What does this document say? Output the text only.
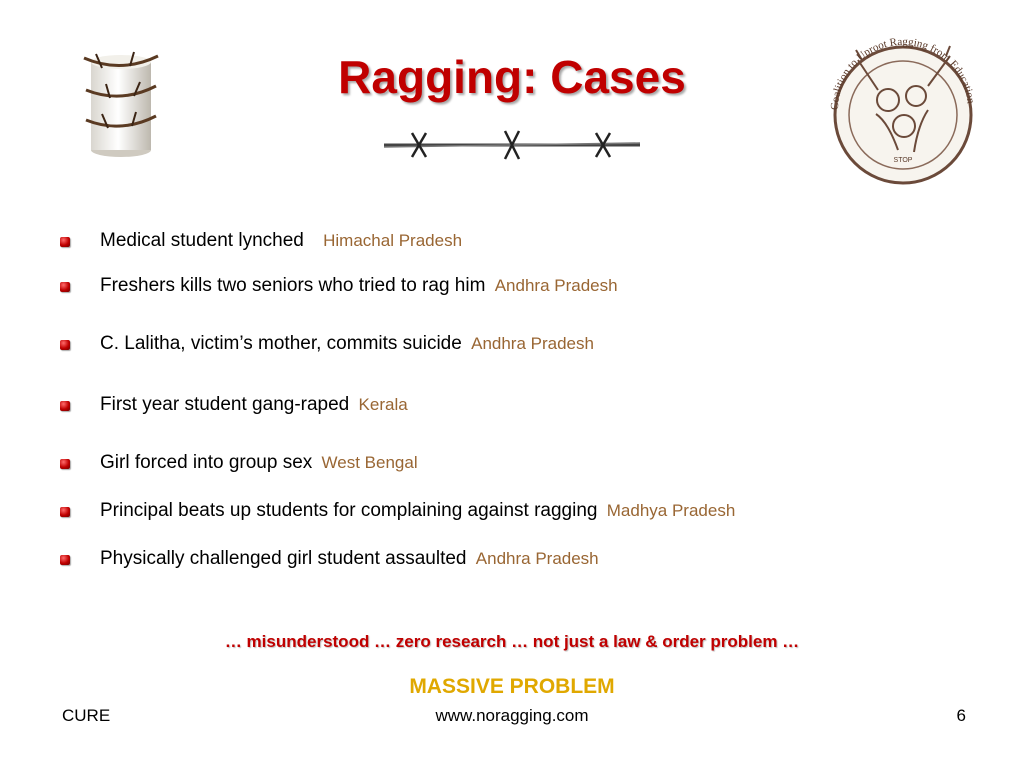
Ragging: Cases
Coalition to Uproot Ragging from Education
STOP
Medical student lynched Himachal Pradesh
Freshers kills two seniors who tried to rag him Andhra Pradesh
C. Lalitha, victim’s mother, commits suicide Andhra Pradesh
First year student gang-raped Kerala
Girl forced into group sex West Bengal
Principal beats up students for complaining against ragging Madhya Pradesh
Physically challenged girl student assaulted Andhra Pradesh
… misunderstood … zero research … not just a law & order problem …
MASSIVE PROBLEM
CURE	www.noragging.com	6
